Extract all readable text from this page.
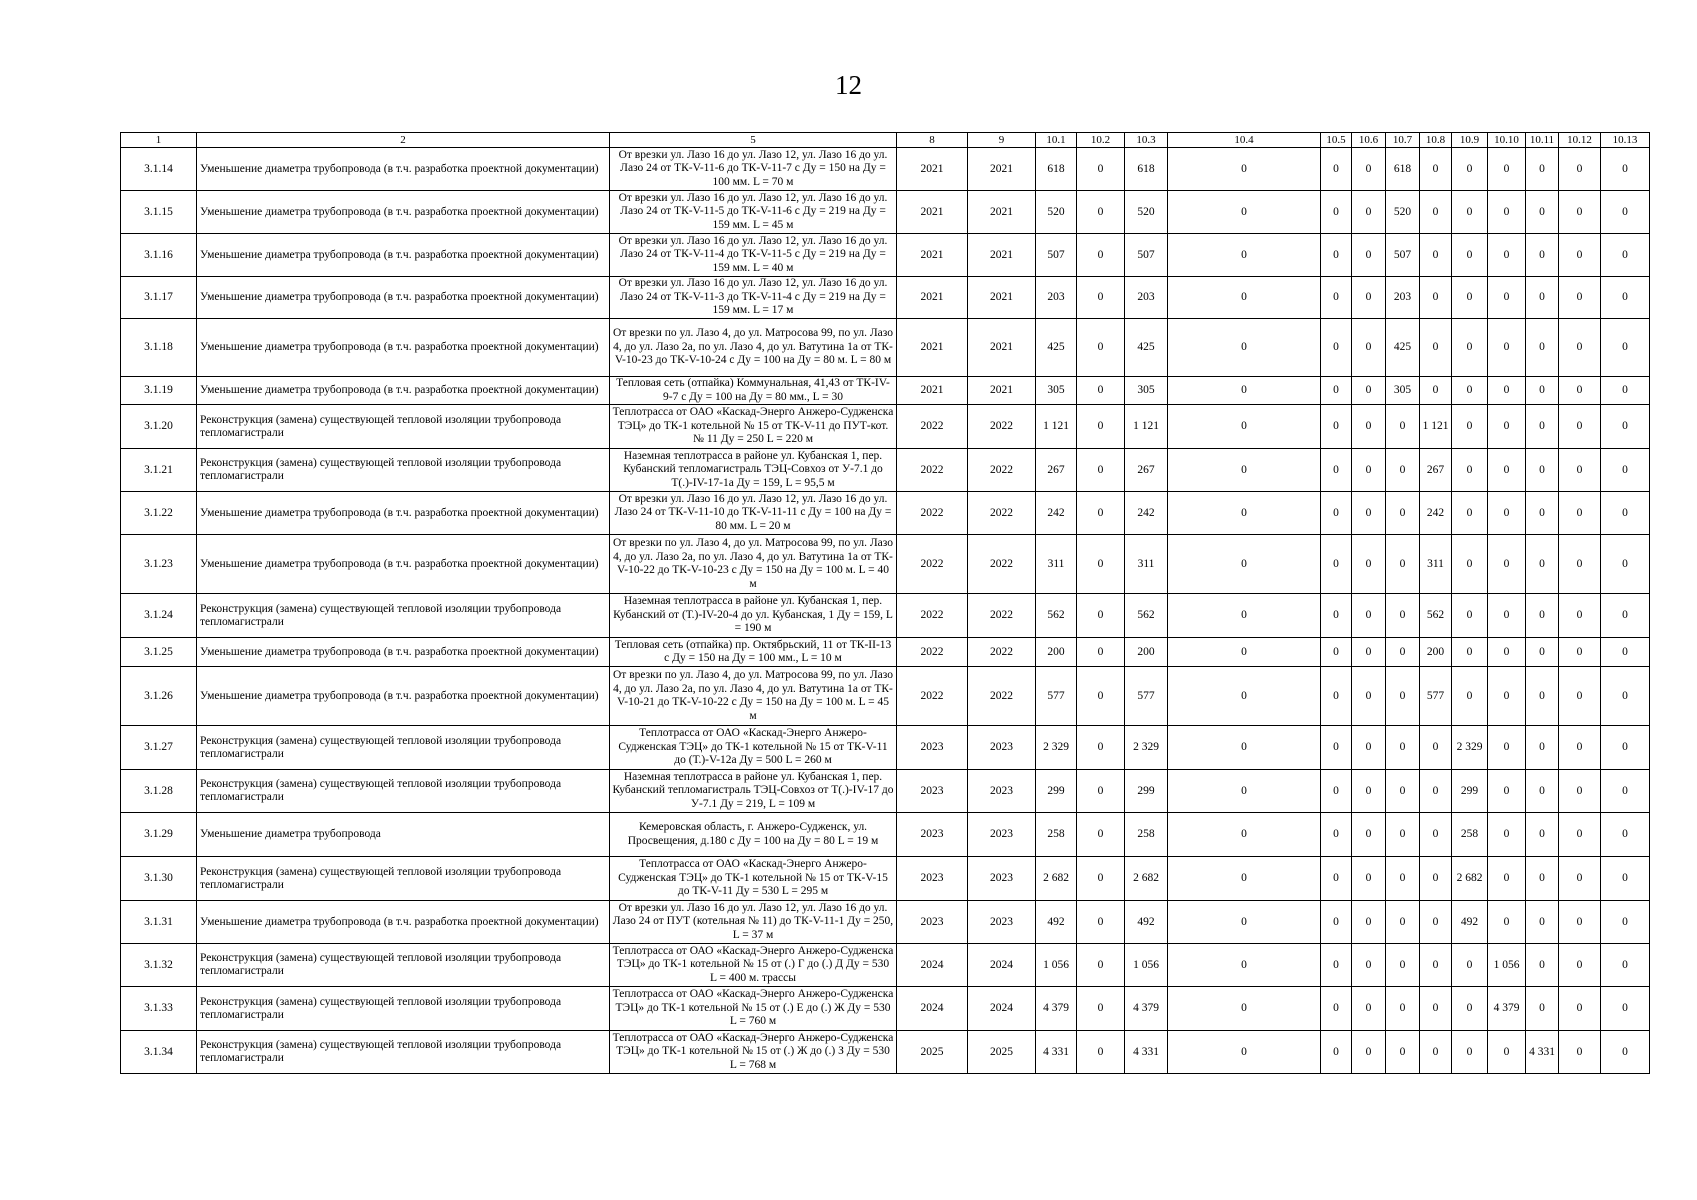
12
1	2	5	8	9	10.1	10.2	10.3	10.4	10.5	10.6	10.7	10.8	10.9	10.10	10.11	10.12	10.13
3.1.14	Уменьшение диаметра трубопровода (в т.ч. разработка проектной документации)	От врезки ул. Лазо 16 до ул. Лазо 12, ул. Лазо 16 до ул. Лазо 24 от ТК-V-11-6 до ТК-V-11-7 с Ду = 150 на Ду = 100 мм. L = 70 м	2021	2021	618	0	618	0	0	0	618	0	0	0	0	0	0
3.1.15	Уменьшение диаметра трубопровода (в т.ч. разработка проектной документации)	От врезки ул. Лазо 16 до ул. Лазо 12, ул. Лазо 16 до ул. Лазо 24 от ТК-V-11-5 до ТК-V-11-6 с Ду = 219 на Ду = 159 мм. L = 45 м	2021	2021	520	0	520	0	0	0	520	0	0	0	0	0	0
3.1.16	Уменьшение диаметра трубопровода (в т.ч. разработка проектной документации)	От врезки ул. Лазо 16 до ул. Лазо 12, ул. Лазо 16 до ул. Лазо 24 от ТК-V-11-4 до ТК-V-11-5 с Ду = 219 на Ду = 159 мм. L = 40 м	2021	2021	507	0	507	0	0	0	507	0	0	0	0	0	0
3.1.17	Уменьшение диаметра трубопровода (в т.ч. разработка проектной документации)	От врезки ул. Лазо 16 до ул. Лазо 12, ул. Лазо 16 до ул. Лазо 24 от ТК-V-11-3 до ТК-V-11-4 с Ду = 219 на Ду = 159 мм. L = 17 м	2021	2021	203	0	203	0	0	0	203	0	0	0	0	0	0
3.1.18	Уменьшение диаметра трубопровода (в т.ч. разработка проектной документации)	От врезки по ул. Лазо 4, до ул. Матросова 99, по ул. Лазо 4, до ул. Лазо 2а, по ул. Лазо 4, до ул. Ватутина 1а от ТК-V-10-23 до ТК-V-10-24 с Ду = 100 на Ду = 80 м. L = 80 м	2021	2021	425	0	425	0	0	0	425	0	0	0	0	0	0
3.1.19	Уменьшение диаметра трубопровода (в т.ч. разработка проектной документации)	Тепловая сеть (отпайка) Коммунальная, 41,43 от ТК-IV-9-7 с Ду = 100 на Ду = 80 мм., L = 30	2021	2021	305	0	305	0	0	0	305	0	0	0	0	0	0
3.1.20	Реконструкция (замена) существующей тепловой изоляции трубопровода тепломагистрали	Теплотрасса от ОАО «Каскад-Энерго Анжеро-Судженска ТЭЦ» до ТК-1 котельной № 15 от ТК-V-11 до ПУТ-кот. № 11 Ду = 250 L = 220 м	2022	2022	1 121	0	1 121	0	0	0	0	1 121	0	0	0	0	0
3.1.21	Реконструкция (замена) существующей тепловой изоляции трубопровода тепломагистрали	Наземная теплотрасса в районе ул. Кубанская 1, пер. Кубанский тепломагистраль ТЭЦ-Совхоз от У-7.1 до Т(.)-IV-17-1а Ду = 159, L = 95,5 м	2022	2022	267	0	267	0	0	0	0	267	0	0	0	0	0
3.1.22	Уменьшение диаметра трубопровода (в т.ч. разработка проектной документации)	От врезки ул. Лазо 16 до ул. Лазо 12, ул. Лазо 16 до ул. Лазо 24 от ТК-V-11-10 до ТК-V-11-11 с Ду = 100 на Ду = 80 мм. L = 20 м	2022	2022	242	0	242	0	0	0	0	242	0	0	0	0	0
3.1.23	Уменьшение диаметра трубопровода (в т.ч. разработка проектной документации)	От врезки по ул. Лазо 4, до ул. Матросова 99, по ул. Лазо 4, до ул. Лазо 2а, по ул. Лазо 4, до ул. Ватутина 1а от ТК-V-10-22 до ТК-V-10-23 с Ду = 150 на Ду = 100 м. L = 40 м	2022	2022	311	0	311	0	0	0	0	311	0	0	0	0	0
3.1.24	Реконструкция (замена) существующей тепловой изоляции трубопровода тепломагистрали	Наземная теплотрасса в районе ул. Кубанская 1, пер. Кубанский от (Т.)-IV-20-4 до ул. Кубанская, 1 Ду = 159, L = 190 м	2022	2022	562	0	562	0	0	0	0	562	0	0	0	0	0
3.1.25	Уменьшение диаметра трубопровода (в т.ч. разработка проектной документации)	Тепловая сеть (отпайка) пр. Октябрьский, 11 от ТК-II-13 с Ду = 150 на Ду = 100 мм., L = 10 м	2022	2022	200	0	200	0	0	0	0	200	0	0	0	0	0
3.1.26	Уменьшение диаметра трубопровода (в т.ч. разработка проектной документации)	От врезки по ул. Лазо 4, до ул. Матросова 99, по ул. Лазо 4, до ул. Лазо 2а, по ул. Лазо 4, до ул. Ватутина 1а от ТК-V-10-21 до ТК-V-10-22 с Ду = 150 на Ду = 100 м. L = 45 м	2022	2022	577	0	577	0	0	0	0	577	0	0	0	0	0
3.1.27	Реконструкция (замена) существующей тепловой изоляции трубопровода тепломагистрали	Теплотрасса от ОАО «Каскад-Энерго Анжеро-Судженская ТЭЦ» до ТК-1 котельной № 15 от ТК-V-11 до (Т.)-V-12а Ду = 500 L = 260 м	2023	2023	2 329	0	2 329	0	0	0	0	0	2 329	0	0	0	0
3.1.28	Реконструкция (замена) существующей тепловой изоляции трубопровода тепломагистрали	Наземная теплотрасса в районе ул. Кубанская 1, пер. Кубанский тепломагистраль ТЭЦ-Совхоз от Т(.)-IV-17 до У-7.1 Ду = 219, L = 109 м	2023	2023	299	0	299	0	0	0	0	0	299	0	0	0	0
3.1.29	Уменьшение диаметра трубопровода	Кемеровская область, г. Анжеро-Судженск, ул. Просвещения, д.180 с Ду = 100 на Ду = 80 L = 19 м	2023	2023	258	0	258	0	0	0	0	0	258	0	0	0	0
3.1.30	Реконструкция (замена) существующей тепловой изоляции трубопровода тепломагистрали	Теплотрасса от ОАО «Каскад-Энерго Анжеро-Судженская ТЭЦ» до ТК-1 котельной № 15 от ТК-V-15 до ТК-V-11 Ду = 530 L = 295 м	2023	2023	2 682	0	2 682	0	0	0	0	0	2 682	0	0	0	0
3.1.31	Уменьшение диаметра трубопровода (в т.ч. разработка проектной документации)	От врезки ул. Лазо 16 до ул. Лазо 12, ул. Лазо 16 до ул. Лазо 24 от ПУТ (котельная № 11) до ТК-V-11-1 Ду = 250, L = 37 м	2023	2023	492	0	492	0	0	0	0	0	492	0	0	0	0
3.1.32	Реконструкция (замена) существующей тепловой изоляции трубопровода тепломагистрали	Теплотрасса от ОАО «Каскад-Энерго Анжеро-Судженска ТЭЦ» до ТК-1 котельной № 15 от (.) Г до (.) Д Ду = 530 L = 400 м. трассы	2024	2024	1 056	0	1 056	0	0	0	0	0	0	1 056	0	0	0
3.1.33	Реконструкция (замена) существующей тепловой изоляции трубопровода тепломагистрали	Теплотрасса от ОАО «Каскад-Энерго Анжеро-Судженска ТЭЦ» до ТК-1 котельной № 15 от (.) Е до (.) Ж Ду = 530 L = 760 м	2024	2024	4 379	0	4 379	0	0	0	0	0	0	4 379	0	0	0
3.1.34	Реконструкция (замена) существующей тепловой изоляции трубопровода тепломагистрали	Теплотрасса от ОАО «Каскад-Энерго Анжеро-Судженска ТЭЦ» до ТК-1 котельной № 15 от (.) Ж до (.) З Ду = 530 L = 768 м	2025	2025	4 331	0	4 331	0	0	0	0	0	0	0	4 331	0	0
